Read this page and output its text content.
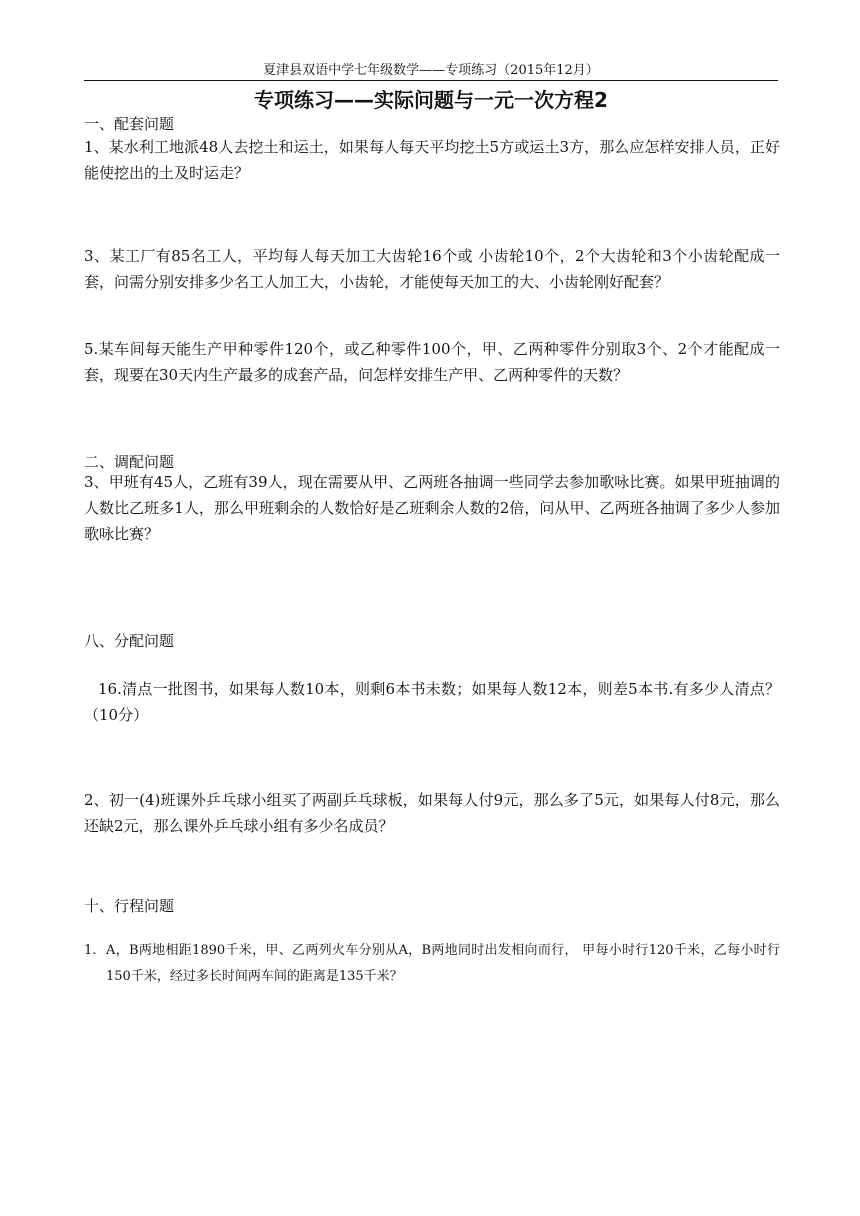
夏津县双语中学七年级数学——专项练习（2015年12月）
专项练习——实际问题与一元一次方程2
一、配套问题
1、某水利工地派48人去挖土和运土，如果每人每天平均挖土5方或运土3方，那么应怎样安排人员，正好能使挖出的土及时运走？
3、某工厂有85名工人，平均每人每天加工大齿轮16个或 小齿轮10个，2个大齿轮和3个小齿轮配成一套，问需分别安排多少名工人加工大，小齿轮，才能使每天加工的大、小齿轮刚好配套？
5.某车间每天能生产甲种零件120个，或乙种零件100个，甲、乙两种零件分别取3个、2个才能配成一套，现要在30天内生产最多的成套产品，问怎样安排生产甲、乙两种零件的天数？
二、调配问题
3、甲班有45人，乙班有39人，现在需要从甲、乙两班各抽调一些同学去参加歌咏比赛。如果甲班抽调的人数比乙班多1人，那么甲班剩余的人数恰好是乙班剩余人数的2倍，问从甲、乙两班各抽调了多少人参加歌咏比赛？
八、分配问题
16.清点一批图书，如果每人数10本，则剩6本书未数；如果每人数12本，则差5本书.有多少人清点？（10分）
2、初一(4)班课外乒乓球小组买了两副乒乓球板，如果每人付9元，那么多了5元，如果每人付8元，那么还缺2元，那么课外乒乓球小组有多少名成员？
十、行程问题
1. A，B两地相距1890千米，甲、乙两列火车分别从A，B两地同时出发相向而行， 甲每小时行120千米，乙每小时行150千米，经过多长时间两车间的距离是135千米？
